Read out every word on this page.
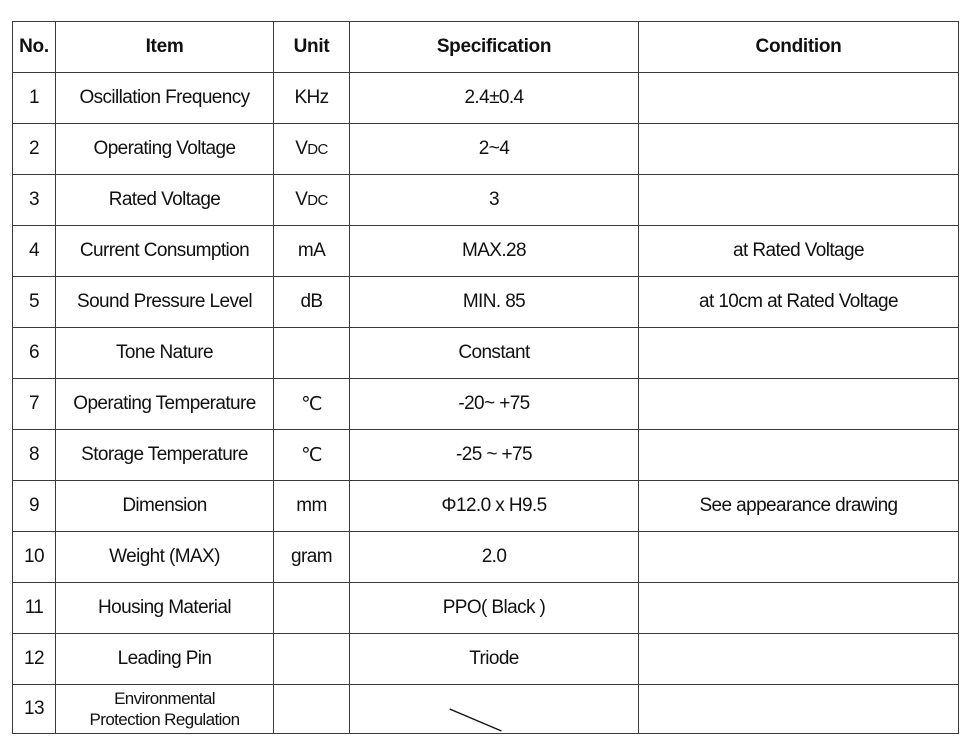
No.	Item	Unit	Specification	Condition
1	Oscillation Frequency	KHz	2.4±0.4	
2	Operating Voltage	VDC	2~4	
3	Rated Voltage	VDC	3	
4	Current Consumption	mA	MAX.28	at Rated Voltage
5	Sound Pressure Level	dB	MIN. 85	at 10cm at Rated Voltage
6	Tone Nature		Constant	
7	Operating Temperature	℃	-20~ +75	
8	Storage Temperature	℃	-25 ~ +75	
9	Dimension	mm	Φ12.0 x H9.5	See appearance drawing
10	Weight (MAX)	gram	2.0	
11	Housing Material		PPO( Black )	
12	Leading Pin		Triode	
13	Environmental
Protection Regulation
